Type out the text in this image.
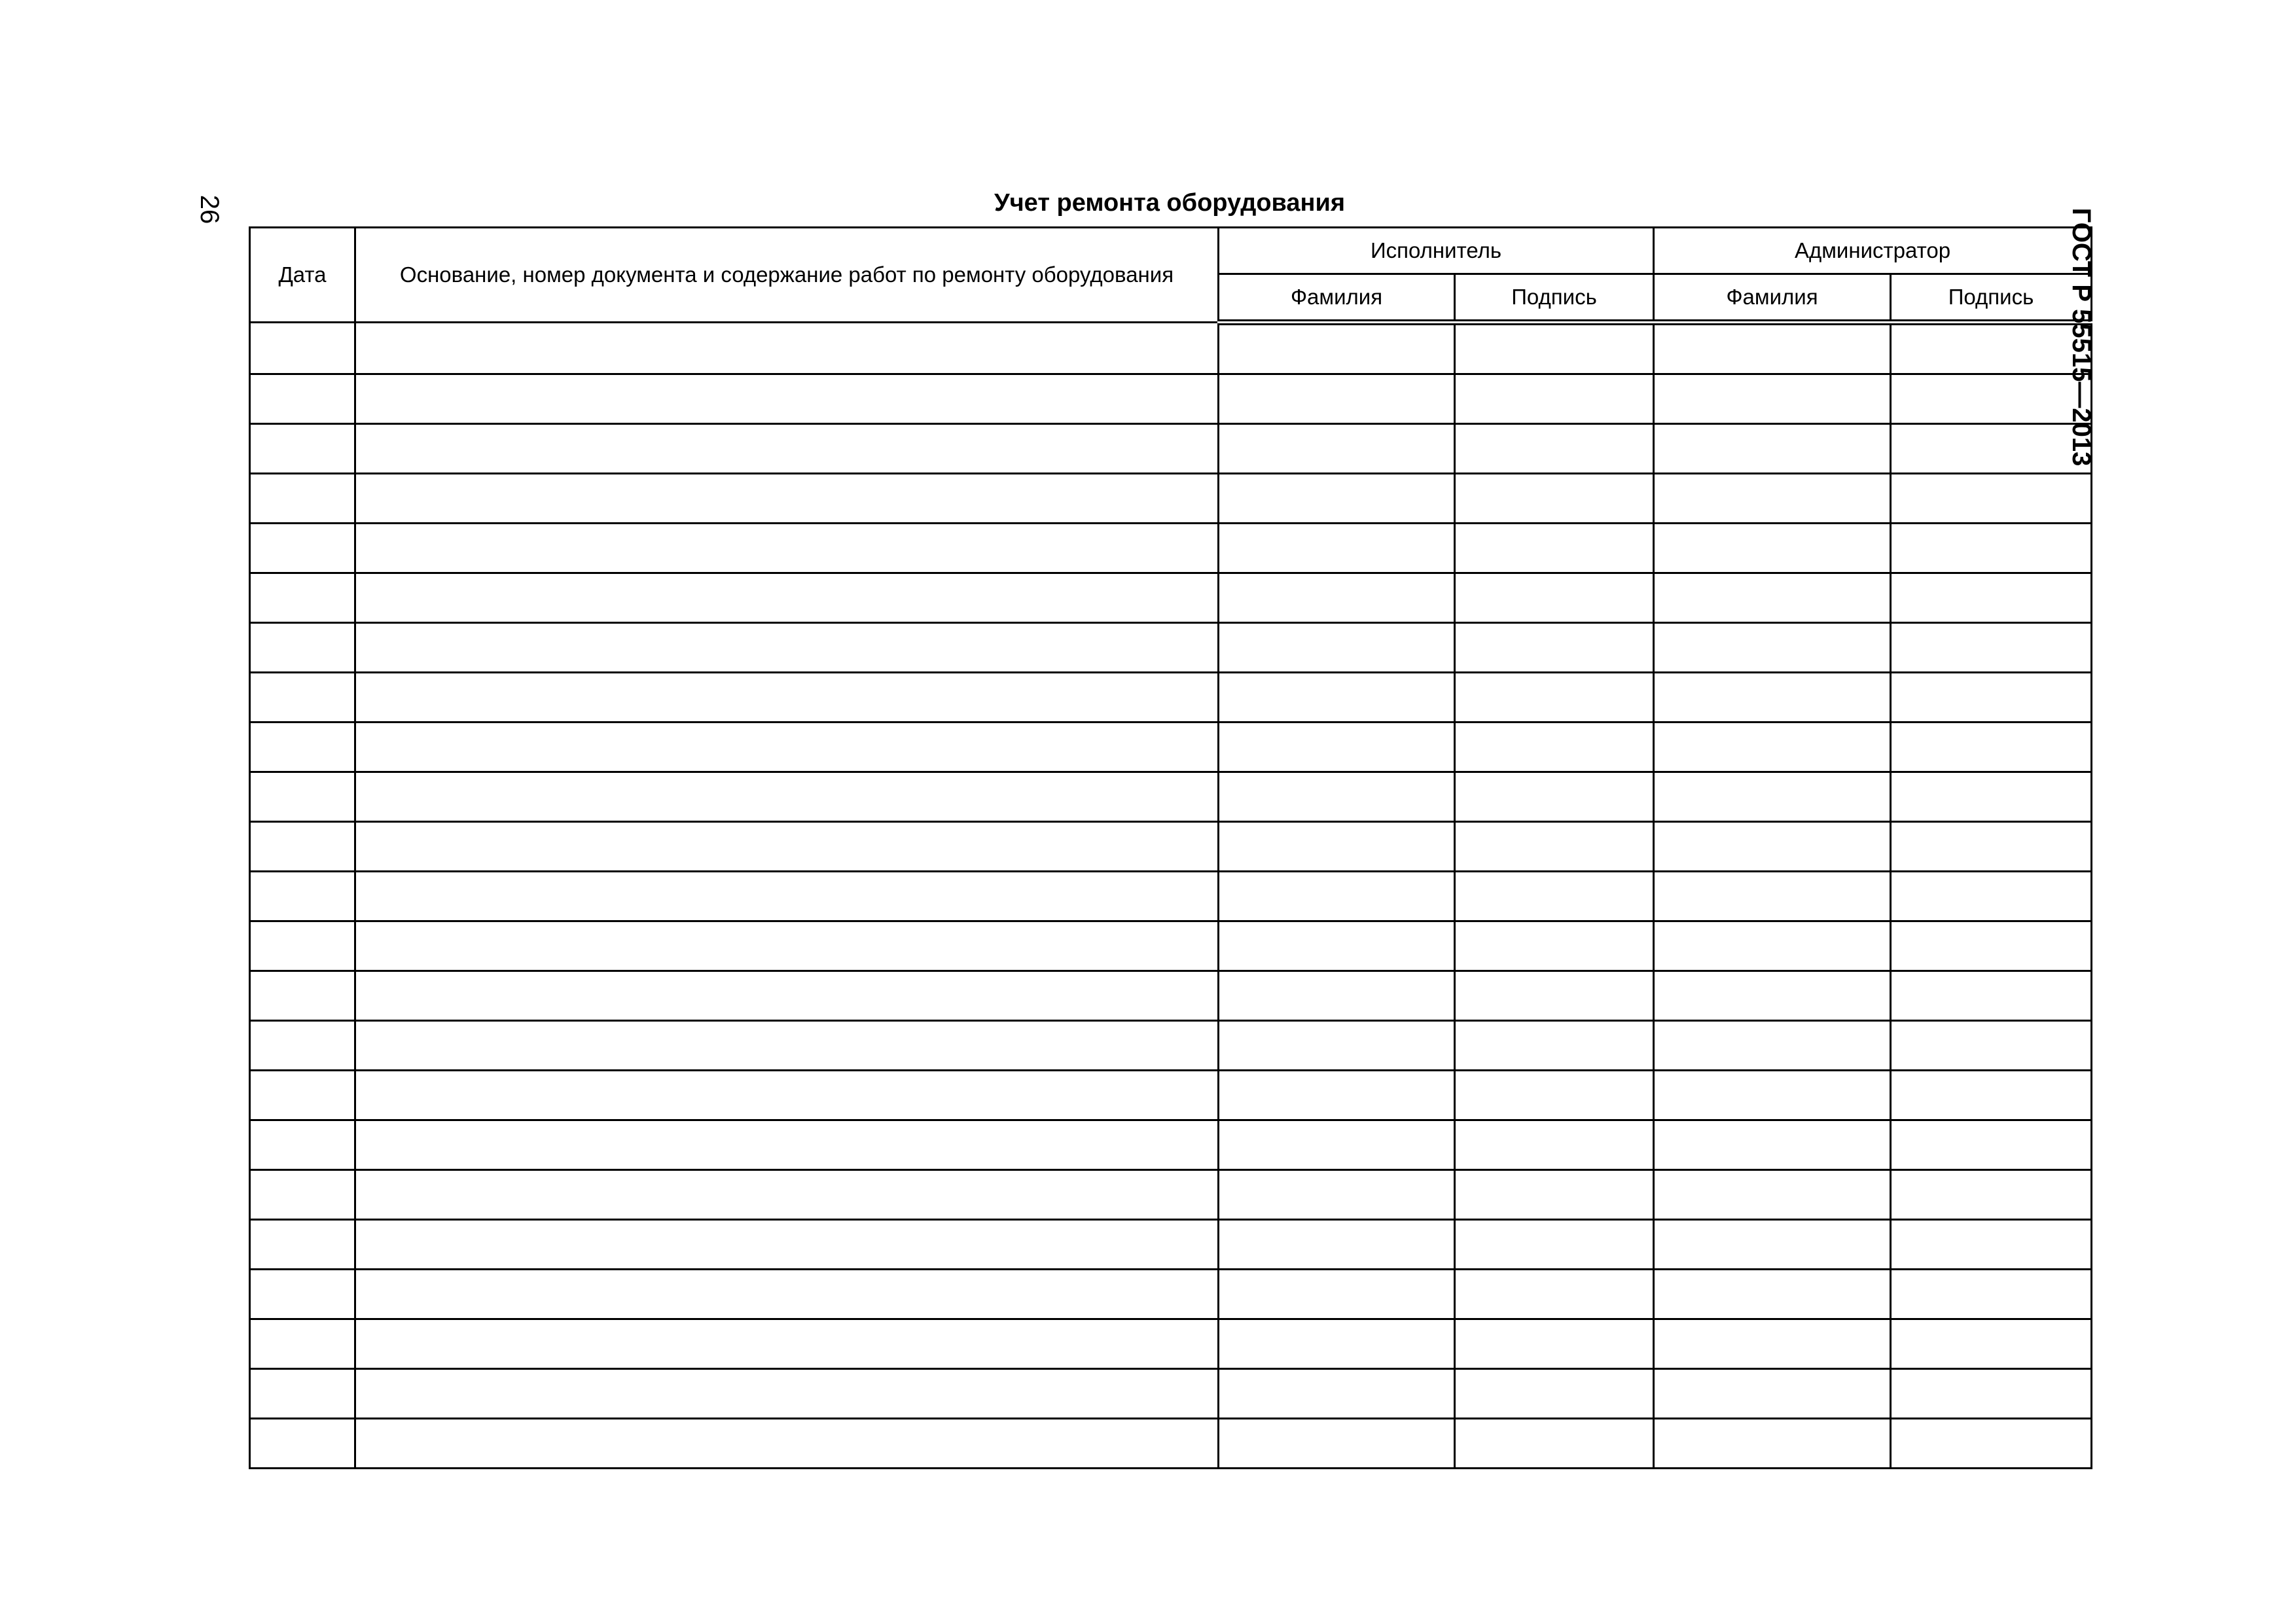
26	ГОСТ Р 55515—2013
Учет ремонта оборудования
Дата	Основание, номер документа и содержание работ по ремонту оборудования	Исполнитель		Администратор	
		Фамилия	Подпись	Фамилия	Подпись
